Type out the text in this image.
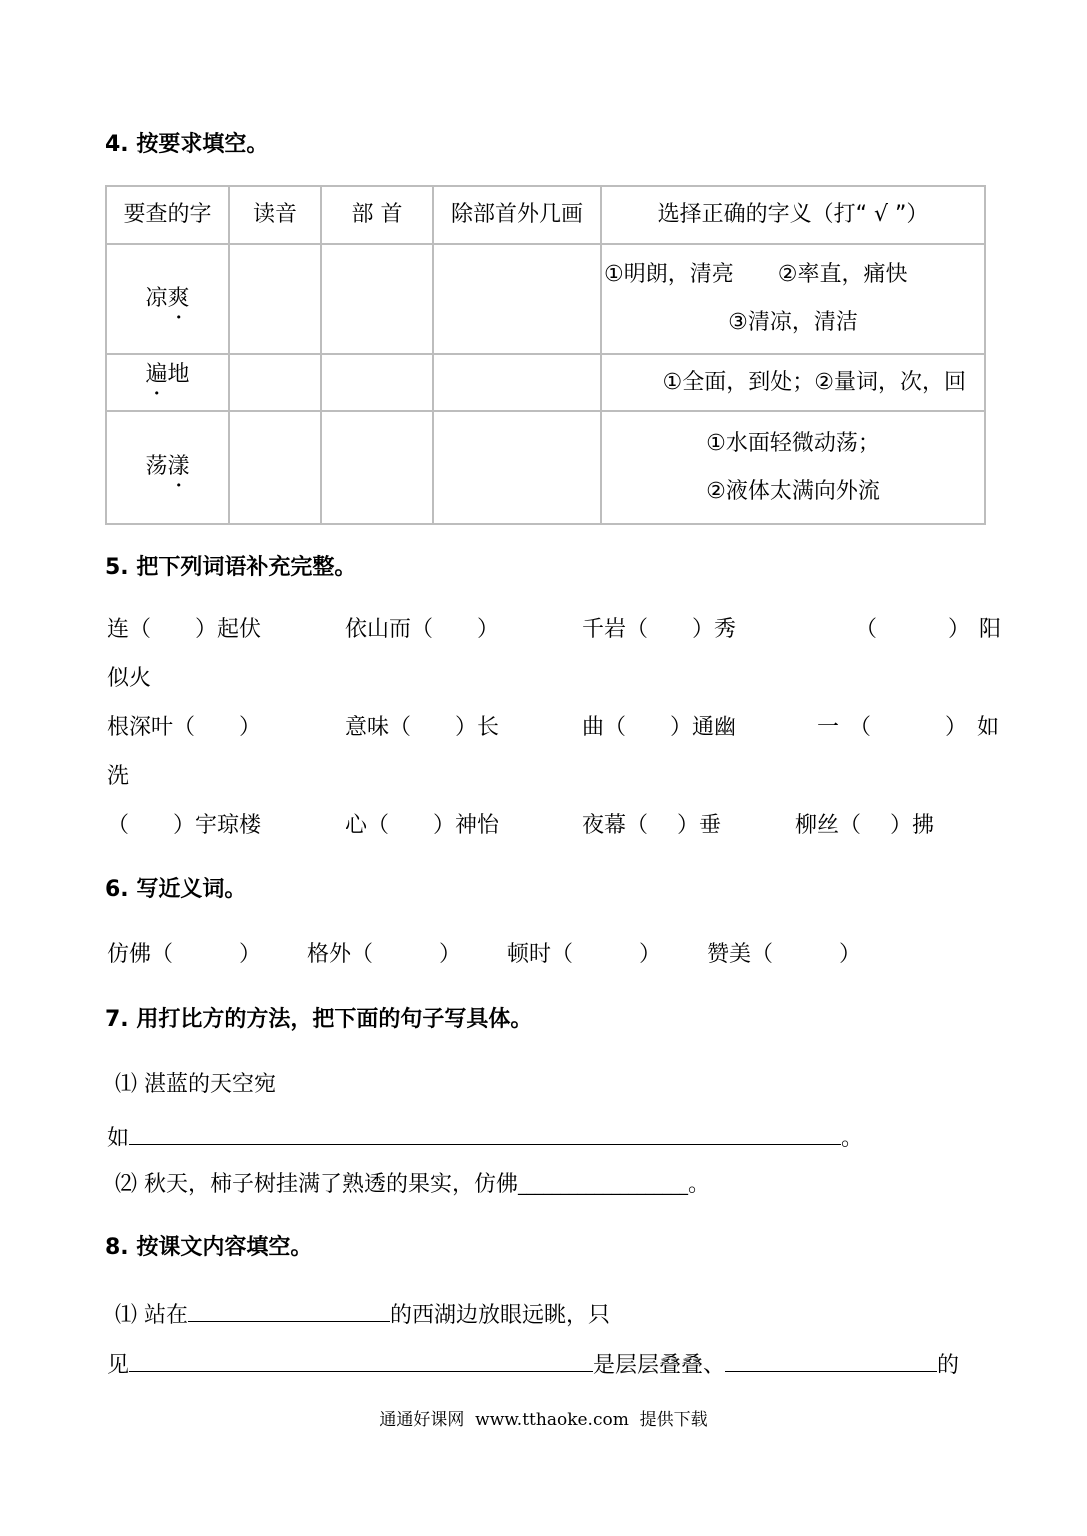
4. 按要求填空。
要查的字	读音	部 首	除部首外几画	选择正确的字义（打“ √ ”）
凉爽				①明朗，清亮　　②率直，痛快
③清凉，清洁

遍地				①全面，到处；②量词，次，回

荡漾				①水面轻微动荡；
②液体太满向外流
5. 把下列词语补充完整。
连（　　）起伏	依山而（　　）	千岩（　　）秀	（　　）阳
似火
根深叶（　　）	意味（　　）长	曲（　　）通幽	一（　　）如
洗
（　　）宇琼楼	心（　　）神怡	夜幕（　 ）垂	柳丝（　 ）拂
6. 写近义词。
仿佛（　　　） 格外（　　　） 顿时（　　　） 赞美（　　　）
7. 用打比方的方法，把下面的句子写具体。
⑴ 湛蓝的天空宛
如	。
⑵ 秋天，柿子树挂满了熟透的果实，仿佛____________________。
8. 按课文内容填空。
⑴ 站在	的西湖边放眼远眺，只
见	是层层叠叠、	的
通通好课网  www.tthaoke.com  提供下载
